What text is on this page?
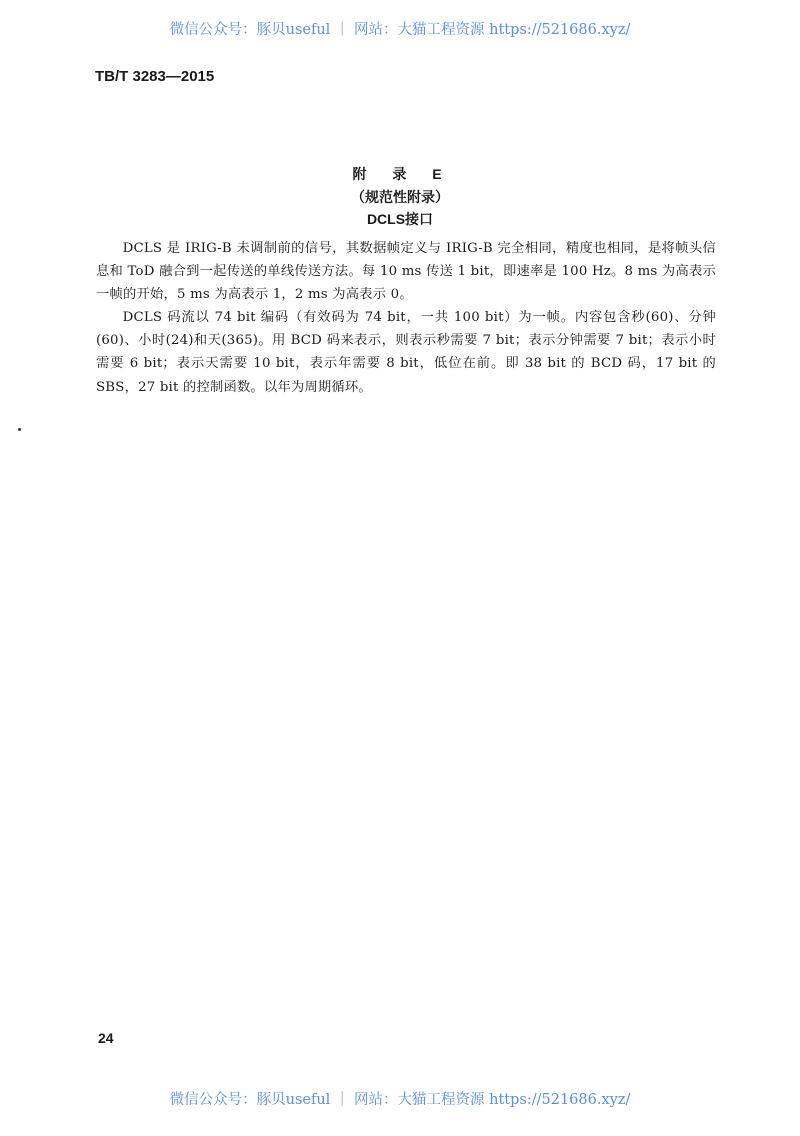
微信公众号：豚贝useful ｜ 网站：大猫工程资源 https://521686.xyz/
TB/T 3283—2015
附 录 E
（规范性附录）
DCLS接口
DCLS 是 IRIG-B 未调制前的信号，其数据帧定义与 IRIG-B 完全相同，精度也相同，是将帧头信息和 ToD 融合到一起传送的单线传送方法。每 10 ms 传送 1 bit，即速率是 100 Hz。8 ms 为高表示一帧的开始，5 ms 为高表示 1，2 ms 为高表示 0。
DCLS 码流以 74 bit 编码（有效码为 74 bit，一共 100 bit）为一帧。内容包含秒(60)、分钟(60)、小时(24)和天(365)。用 BCD 码来表示，则表示秒需要 7 bit；表示分钟需要 7 bit；表示小时需要 6 bit；表示天需要 10 bit，表示年需要 8 bit，低位在前。即 38 bit 的 BCD 码，17 bit 的 SBS，27 bit 的控制函数。以年为周期循环。
24
微信公众号：豚贝useful ｜ 网站：大猫工程资源 https://521686.xyz/
